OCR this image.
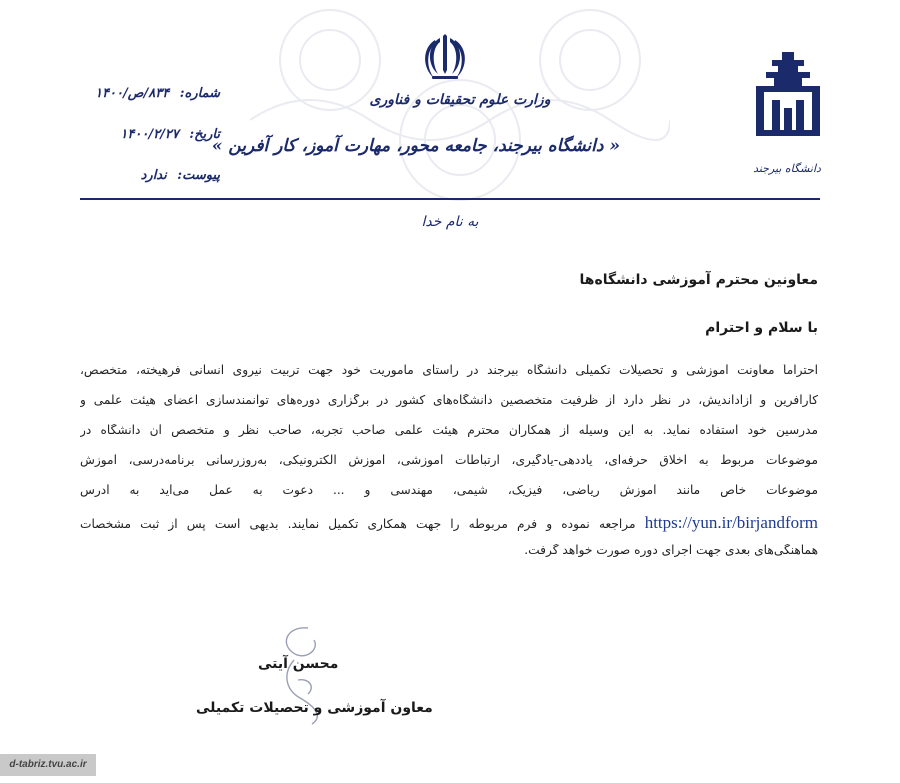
وزارت علوم تحقیقات و فناوری
« دانشگاه بیرجند، جامعه محور، مهارت آموز، کار آفرین »
دانشگاه بیرجند
شماره: ۸۳۴/ص/۱۴۰۰
تاریخ: ۱۴۰۰/۲/۲۷
پیوست: ندارد
به نام خدا
معاونین محترم آموزشی دانشگاه‌ها
با سلام و احترام
احتراماً معاونت آموزشی و تحصیلات تکمیلی دانشگاه بیرجند در راستای مأموریت خود جهت تربیت نیروی انسانی فرهیخته، متخصص،
کارآفرین و آزاداندیش، در نظر دارد از ظرفیت متخصصین دانشگاه‌های کشور در برگزاری دوره‌های توانمندسازی اعضای هیئت علمی و
مدرسین خود استفاده نماید. به این وسیله از همکاران محترم هیئت علمی صاحب تجربه، صاحب نظر و متخصص آن دانشگاه در
موضوعات مربوط به اخلاق حرفه‌ای، یاددهی-یادگیری، ارتباطات آموزشی، آموزش الکترونیکی، به‌روزرسانی برنامه‌درسی، آموزش
موضوعات خاص مانند آموزش ریاضی، فیزیک، شیمی، مهندسی و ... دعوت به عمل می‌آید به آدرس
https://yun.ir/birjandform مراجعه نموده و فرم مربوطه را جهت همکاری تکمیل نمایند. بدیهی است پس از ثبت مشخصات
هماهنگی‌های بعدی جهت اجرای دوره صورت خواهد گرفت.
محسن آیتی
معاون آموزشی و تحصیلات تکمیلی
d-tabriz.tvu.ac.ir
